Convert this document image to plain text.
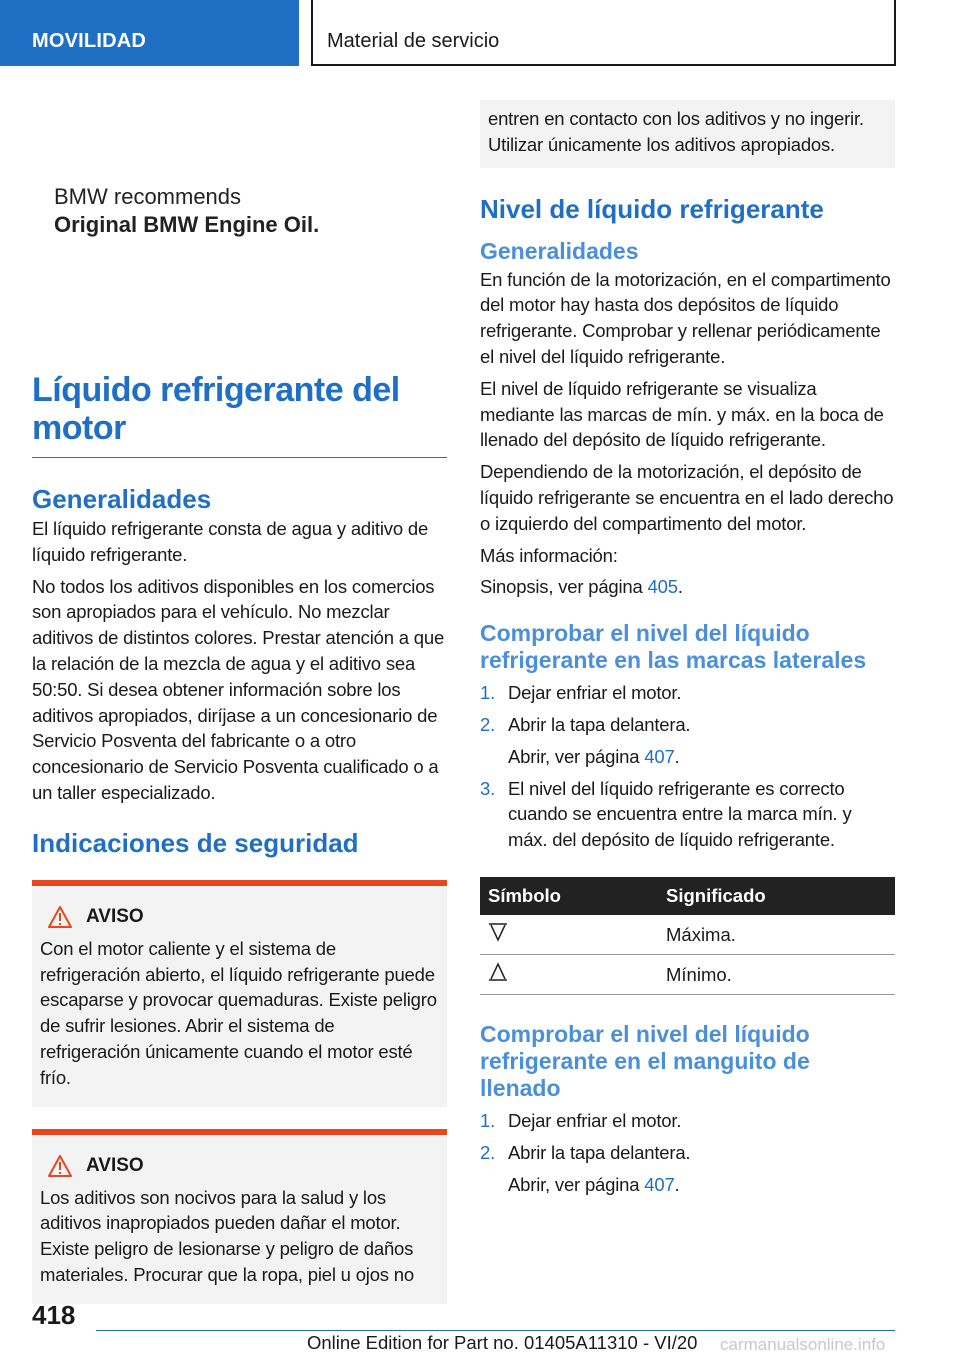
MOVILIDAD	Material de servicio
BMW recommends
Original BMW Engine Oil.
Líquido refrigerante del motor
Generalidades

El líquido refrigerante consta de agua y aditivo de líquido refrigerante.

No todos los aditivos disponibles en los comercios son apropiados para el vehículo. No mezclar aditivos de distintos colores. Prestar atención a que la relación de la mezcla de agua y el aditivo sea 50:50. Si desea obtener información sobre los aditivos apropiados, diríjase a un concesionario de Servicio Posventa del fabricante o a otro concesionario de Servicio Posventa cualificado o a un taller especializado.

Indicaciones de seguridad
AVISO

Con el motor caliente y el sistema de refrigeración abierto, el líquido refrigerante puede escaparse y provocar quemaduras. Existe peligro de sufrir lesiones. Abrir el sistema de refrigeración únicamente cuando el motor esté frío.

AVISO

Los aditivos son nocivos para la salud y los aditivos inapropiados pueden dañar el motor. Existe peligro de lesionarse y peligro de daños materiales. Procurar que la ropa, piel u ojos no

entren en contacto con los aditivos y no ingerir. Utilizar únicamente los aditivos apropiados.

Nivel de líquido refrigerante
Generalidades

En función de la motorización, en el compartimento del motor hay hasta dos depósitos de líquido refrigerante. Comprobar y rellenar periódicamente el nivel del líquido refrigerante.

El nivel de líquido refrigerante se visualiza mediante las marcas de mín. y máx. en la boca de llenado del depósito de líquido refrigerante.

Dependiendo de la motorización, el depósito de líquido refrigerante se encuentra en el lado derecho o izquierdo del compartimento del motor.

Más información:

Sinopsis, ver página 405.

Comprobar el nivel del líquido refrigerante en las marcas laterales
1. Dejar enfriar el motor.
2. Abrir la tapa delantera.
Abrir, ver página 407.
3. El nivel del líquido refrigerante es correcto cuando se encuentra entre la marca mín. y máx. del depósito de líquido refrigerante.
Símbolo	Significado
	Máxima.
	Mínimo.
Comprobar el nivel del líquido refrigerante en el manguito de llenado
1. Dejar enfriar el motor.
2. Abrir la tapa delantera.
Abrir, ver página 407.
418
Online Edition for Part no. 01405A11310 - VI/20 carmanualsonline.info
